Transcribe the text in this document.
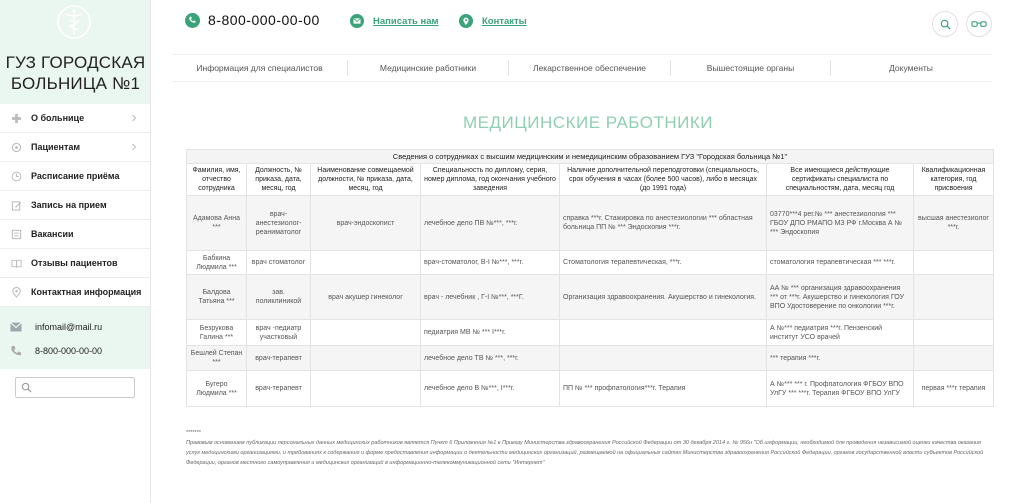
ГУЗ ГОРОДСКАЯ
БОЛЬНИЦА №1
О больнице
Пациентам
Расписание приёма
Запись на прием
Вакансии
Отзывы пациентов
Контактная информация
infomail@mail.ru
8-800-000-00-00
8-800-000-00-00	Написать нам	Контакты
Информация для специалистов	Медицинские работники	Лекарственное обеспечение	Вышестоящие органы	Документы
МЕДИЦИНСКИЕ РАБОТНИКИ
Сведения о сотрудниках с высшим медицинским и немедицинским образованием ГУЗ "Городская больница №1"						
Фамилия, имя, отчество сотрудника	Должность, № приказа, дата, месяц, год	Наименование совмещаемой должности, № приказа, дата, месяц, год	Специальность по диплому, серия, номер диплома, год окончания учебного заведения	Наличие дополнительной переподготовки (специальность, срок обучения в часах (более 500 часов), либо в месяцах (до 1991 года)	Все имеющиеся действующие сертификаты специалиста по специальностям, дата, месяц год	Квалификационная категория, год присвоения
Адамова Анна ***	врач-анестезиолог-реаниматолог	врач-эндоскопист	лечебное дело ПВ №***, ***г.	справка ***г. Стажировка по анестезиологии *** областная больница ПП № *** Эндоскопия ***г.	03770***4 рег.№ *** анестезиология *** ГБОУ ДПО РМАПО МЗ РФ г.Москва А № *** Эндоскопия	высшая анестезиолог ***г.
Бабкина Людмила ***	врач стоматолог		врач-стоматолог, В-I №***, ***г.	Стоматология терапевтическая, ***г.	стоматология терапевтическая *** ***г.	
Балдова Татьяна ***	зав. поликлиникой	врач акушер гинеколог	врач - лечебник , Г-I №***, ***Г.	Организация здравоохранения. Акушерство и гинекология.	АА № *** организация здравоохранения *** от ***г. Акушерство и гинекология ГОУ ВПО Удостоверение по онкологии ***г.	
Безрукова Галина ***	врач -педиатр участковый		педиатрия МВ № *** I***г.		А №*** педиатрия ***г. Пензенский институт УСО врачей	
Бешлей Степан ***	врач-терапевт		лечебное дело ТВ № ***, ***г.		*** терапия ***г.	
Бугеро Людмила ***	врач-терапевт		лечебное дело В №***, I***г.	ПП № *** профпатология***г. Терапия	А №*** *** г. Профпатология ФГБОУ ВПО УлГУ *** ***г. Терапия ФГБОУ ВПО УлГУ	первая ***г терапия
*******
Правовым основанием публикации персональных данных медицинских работников является Пункт 6 Приложения №1 к Приказу Министерства здравоохранения Российской Федерации от 30 декабря 2014 г. № 956н "Об информации, необходимой для проведения независимой оценки качества оказания услуг медицинскими организациями, и требованиях к содержанию и форме предоставления информации о деятельности медицинских организаций, размещаемой на официальных сайтах Министерства здравоохранения Российской Федерации, органов государственной власти субъектов Российской Федерации, органов местного самоуправления и медицинских организаций в информационно-телекоммуникационной сети "Интернет"
